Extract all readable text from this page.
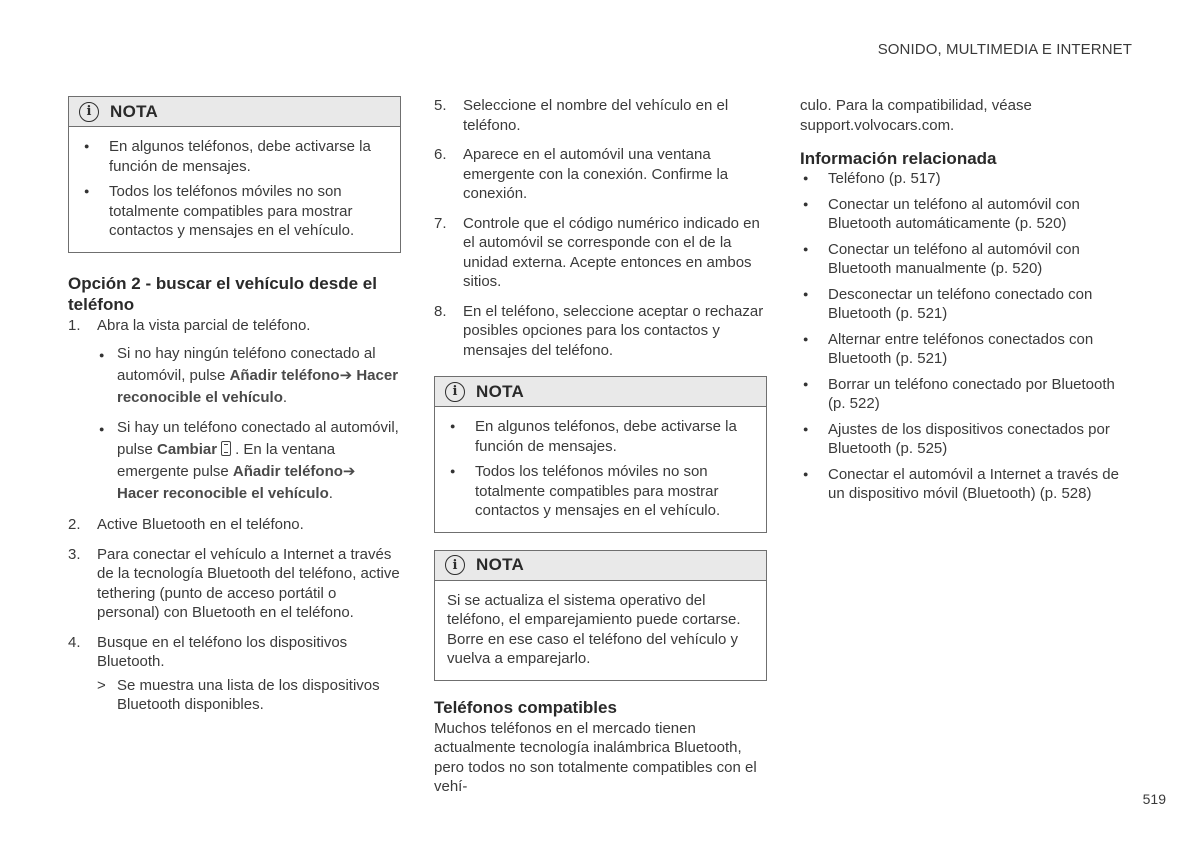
SONIDO, MULTIMEDIA E INTERNET
i	NOTA
● En algunos teléfonos, debe activarse la función de mensajes.
● Todos los teléfonos móviles no son totalmente compatibles para mostrar contactos y mensajes en el vehículo.
Opción 2 - buscar el vehículo desde el teléfono
1. Abra la vista parcial de teléfono.
● Si no hay ningún teléfono conectado al automóvil, pulse Añadir teléfono➔ Hacer reconocible el vehículo.
● Si hay un teléfono conectado al automóvil, pulse Cambiar . En la ventana emergente pulse Añadir teléfono➔ Hacer reconocible el vehículo.
2. Active Bluetooth en el teléfono.
3. Para conectar el vehículo a Internet a través de la tecnología Bluetooth del teléfono, active tethering (punto de acceso portátil o personal) con Bluetooth en el teléfono.
4. Busque en el teléfono los dispositivos Bluetooth.
> Se muestra una lista de los dispositivos Bluetooth disponibles.
5. Seleccione el nombre del vehículo en el teléfono.
6. Aparece en el automóvil una ventana emergente con la conexión. Confirme la conexión.
7. Controle que el código numérico indicado en el automóvil se corresponde con el de la unidad externa. Acepte entonces en ambos sitios.
8. En el teléfono, seleccione aceptar o rechazar posibles opciones para los contactos y mensajes del teléfono.
i	NOTA
● En algunos teléfonos, debe activarse la función de mensajes.
● Todos los teléfonos móviles no son totalmente compatibles para mostrar contactos y mensajes en el vehículo.
i	NOTA
Si se actualiza el sistema operativo del teléfono, el emparejamiento puede cortarse. Borre en ese caso el teléfono del vehículo y vuelva a emparejarlo.
Teléfonos compatibles
Muchos teléfonos en el mercado tienen actualmente tecnología inalámbrica Bluetooth, pero todos no son totalmente compatibles con el vehí-
culo. Para la compatibilidad, véase support.volvocars.com.
Información relacionada
● Teléfono (p. 517)
● Conectar un teléfono al automóvil con Bluetooth automáticamente (p. 520)
● Conectar un teléfono al automóvil con Bluetooth manualmente (p. 520)
● Desconectar un teléfono conectado con Bluetooth (p. 521)
● Alternar entre teléfonos conectados con Bluetooth (p. 521)
● Borrar un teléfono conectado por Bluetooth (p. 522)
● Ajustes de los dispositivos conectados por Bluetooth (p. 525)
● Conectar el automóvil a Internet a través de un dispositivo móvil (Bluetooth) (p. 528)
519
